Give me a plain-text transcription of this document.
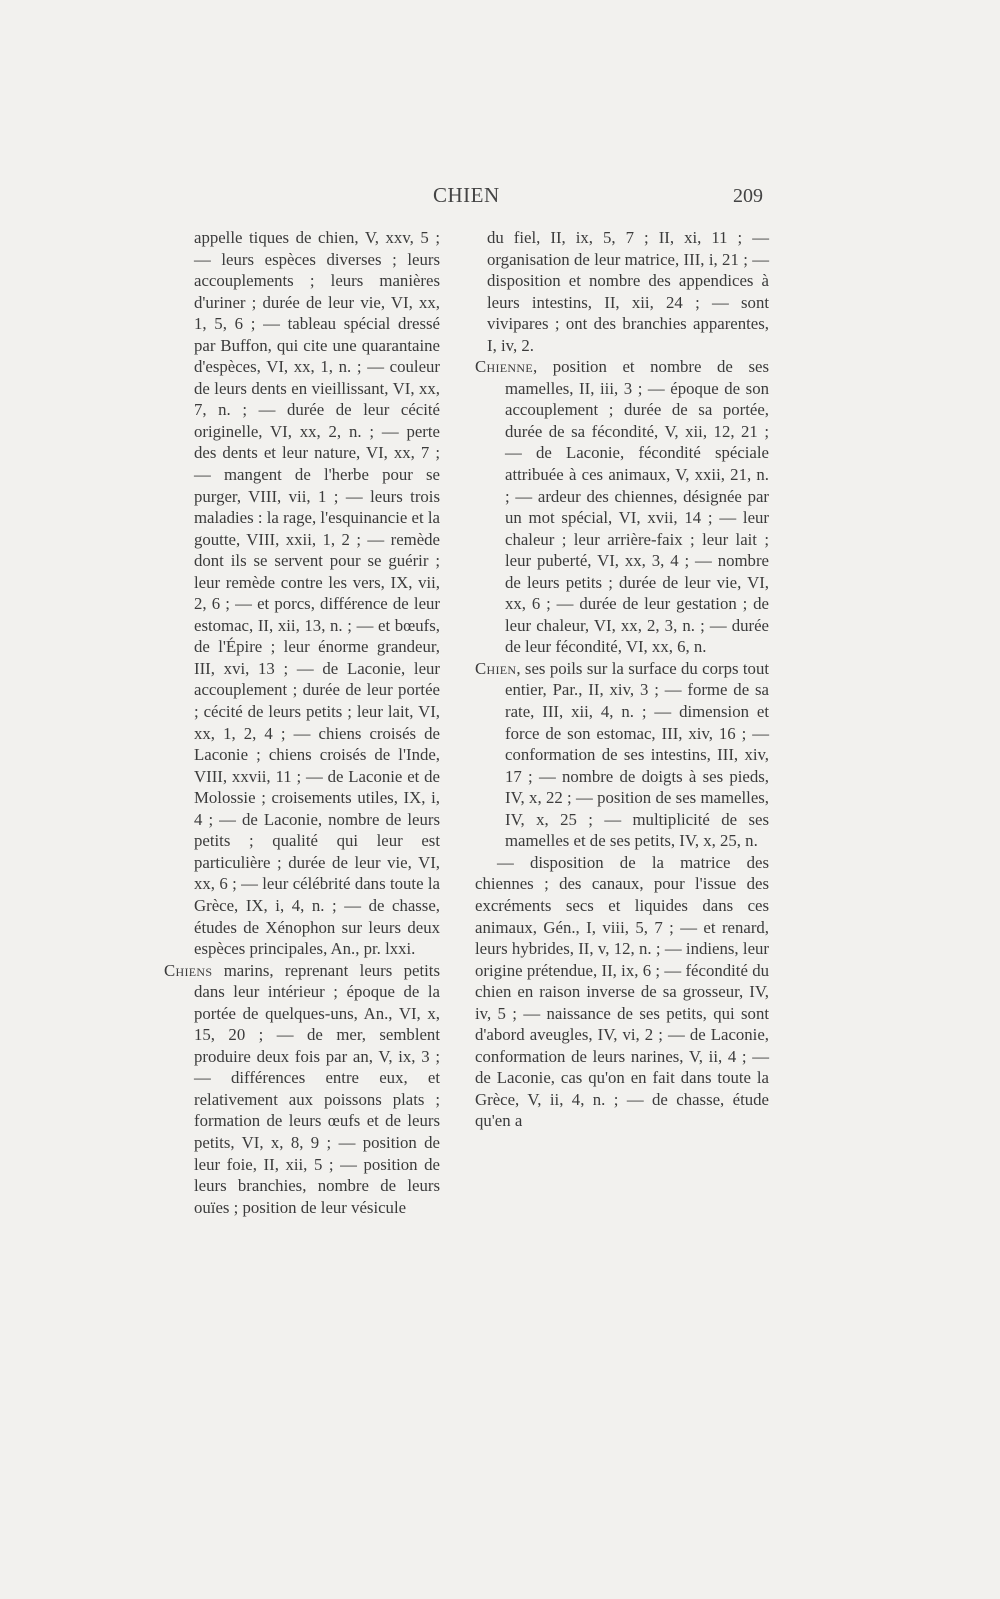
CHIEN	209

appelle tiques de chien, V, xxv, 5 ; — leurs espèces diverses ; leurs accouplements ; leurs manières d'uriner ; durée de leur vie, VI, xx, 1, 5, 6 ; — tableau spécial dressé par Buffon, qui cite une quarantaine d'espèces, VI, xx, 1, n. ; — couleur de leurs dents en vieillissant, VI, xx, 7, n. ; — durée de leur cécité originelle, VI, xx, 2, n. ; — perte des dents et leur nature, VI, xx, 7 ; — mangent de l'herbe pour se purger, VIII, vii, 1 ; — leurs trois maladies : la rage, l'esquinancie et la goutte, VIII, xxii, 1, 2 ; — remède dont ils se servent pour se guérir ; leur remède contre les vers, IX, vii, 2, 6 ; — et porcs, différence de leur estomac, II, xii, 13, n. ; — et bœufs, de l'Épire ; leur énorme grandeur, III, xvi, 13 ; — de Laconie, leur accouplement ; durée de leur portée ; cécité de leurs petits ; leur lait, VI, xx, 1, 2, 4 ; — chiens croisés de Laconie ; chiens croisés de l'Inde, VIII, xxvii, 11 ; — de Laconie et de Molossie ; croisements utiles, IX, i, 4 ; — de Laconie, nombre de leurs petits ; qualité qui leur est particulière ; durée de leur vie, VI, xx, 6 ; — leur célébrité dans toute la Grèce, IX, i, 4, n. ; — de chasse, études de Xénophon sur leurs deux espèces principales, An., pr. lxxi.

Chiens marins, reprenant leurs petits dans leur intérieur ; époque de la portée de quelques-uns, An., VI, x, 15, 20 ; — de mer, semblent produire deux fois par an, V, ix, 3 ; — différences entre eux, et relativement aux poissons plats ; formation de leurs œufs et de leurs petits, VI, x, 8, 9 ; — position de leur foie, II, xii, 5 ; — position de leurs branchies, nombre de leurs ouïes ; position de leur vésicule

du fiel, II, ix, 5, 7 ; II, xi, 11 ; — organisation de leur matrice, III, i, 21 ; — disposition et nombre des appendices à leurs intestins, II, xii, 24 ; — sont vivipares ; ont des branchies apparentes, I, iv, 2.

Chienne, position et nombre de ses mamelles, II, iii, 3 ; — époque de son accouplement ; durée de sa portée, durée de sa fécondité, V, xii, 12, 21 ; — de Laconie, fécondité spéciale attribuée à ces animaux, V, xxii, 21, n. ; — ardeur des chiennes, désignée par un mot spécial, VI, xvii, 14 ; — leur chaleur ; leur arrière-faix ; leur lait ; leur puberté, VI, xx, 3, 4 ; — nombre de leurs petits ; durée de leur vie, VI, xx, 6 ; — durée de leur gestation ; de leur chaleur, VI, xx, 2, 3, n. ; — durée de leur fécondité, VI, xx, 6, n.

Chien, ses poils sur la surface du corps tout entier, Par., II, xiv, 3 ; — forme de sa rate, III, xii, 4, n. ; — dimension et force de son estomac, III, xiv, 16 ; — conformation de ses intestins, III, xiv, 17 ; — nombre de doigts à ses pieds, IV, x, 22 ; — position de ses mamelles, IV, x, 25 ; — multiplicité de ses mamelles et de ses petits, IV, x, 25, n.

— disposition de la matrice des chiennes ; des canaux, pour l'issue des excréments secs et liquides dans ces animaux, Gén., I, viii, 5, 7 ; — et renard, leurs hybrides, II, v, 12, n. ; — indiens, leur origine prétendue, II, ix, 6 ; — fécondité du chien en raison inverse de sa grosseur, IV, iv, 5 ; — naissance de ses petits, qui sont d'abord aveugles, IV, vi, 2 ; — de Laconie, conformation de leurs narines, V, ii, 4 ; — de Laconie, cas qu'on en fait dans toute la Grèce, V, ii, 4, n. ; — de chasse, étude qu'en a
